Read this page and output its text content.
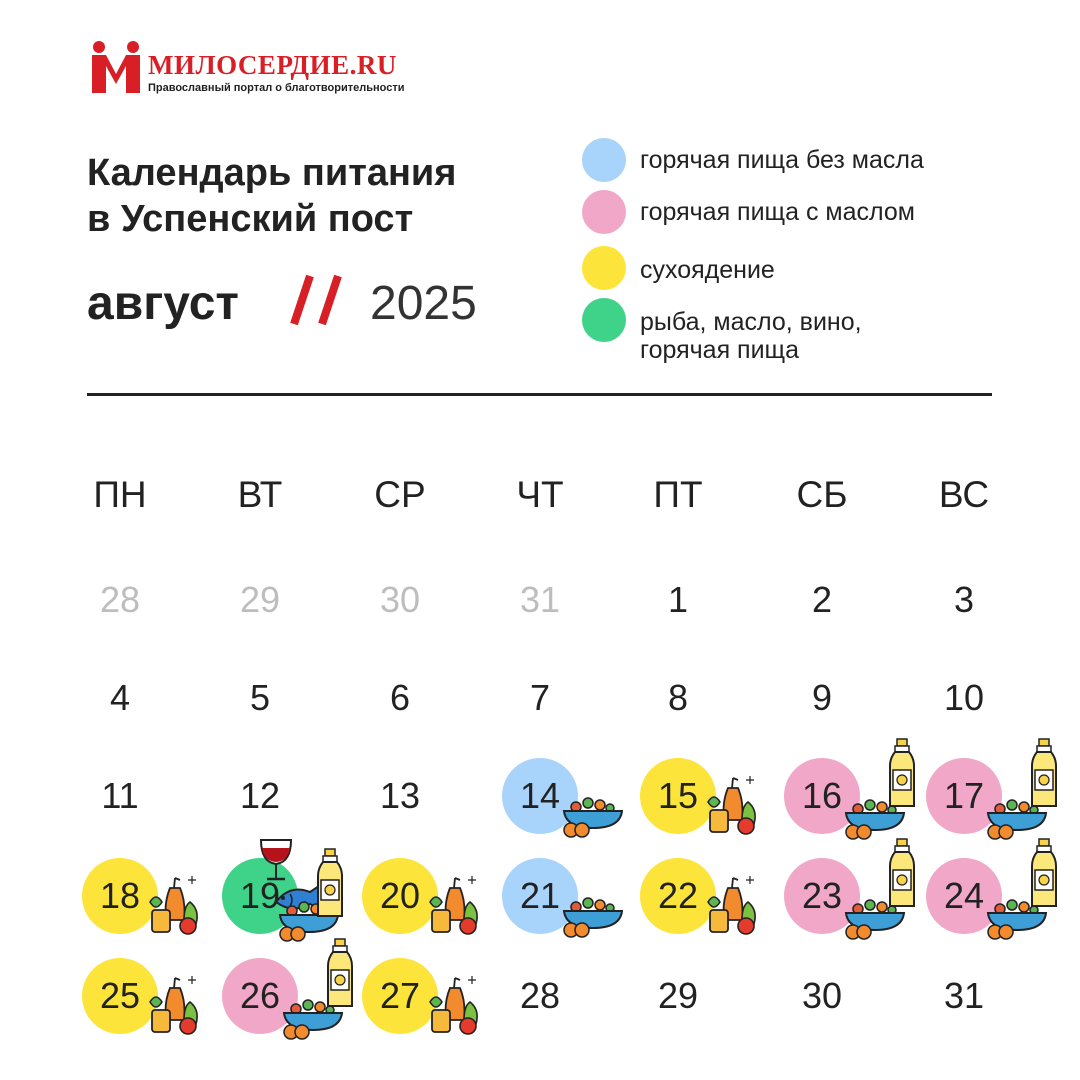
МИЛОСЕРДИЕ.RU
Православный портал о благотворительности
Календарь питания
в Успенский пост
август	2025
горячая пища без масла
горячая пища с маслом
сухоядение
рыба, масло, вино,
горячая пища
ПН	ВТ	СР	ЧТ	ПТ	СБ	ВС
28	29	30	31	1	2	3
4	5	6	7	8	9	10
11	12	13	14	15	16	17
18	19	20	21	22	23	24
25	26	27	28	29	30	31
